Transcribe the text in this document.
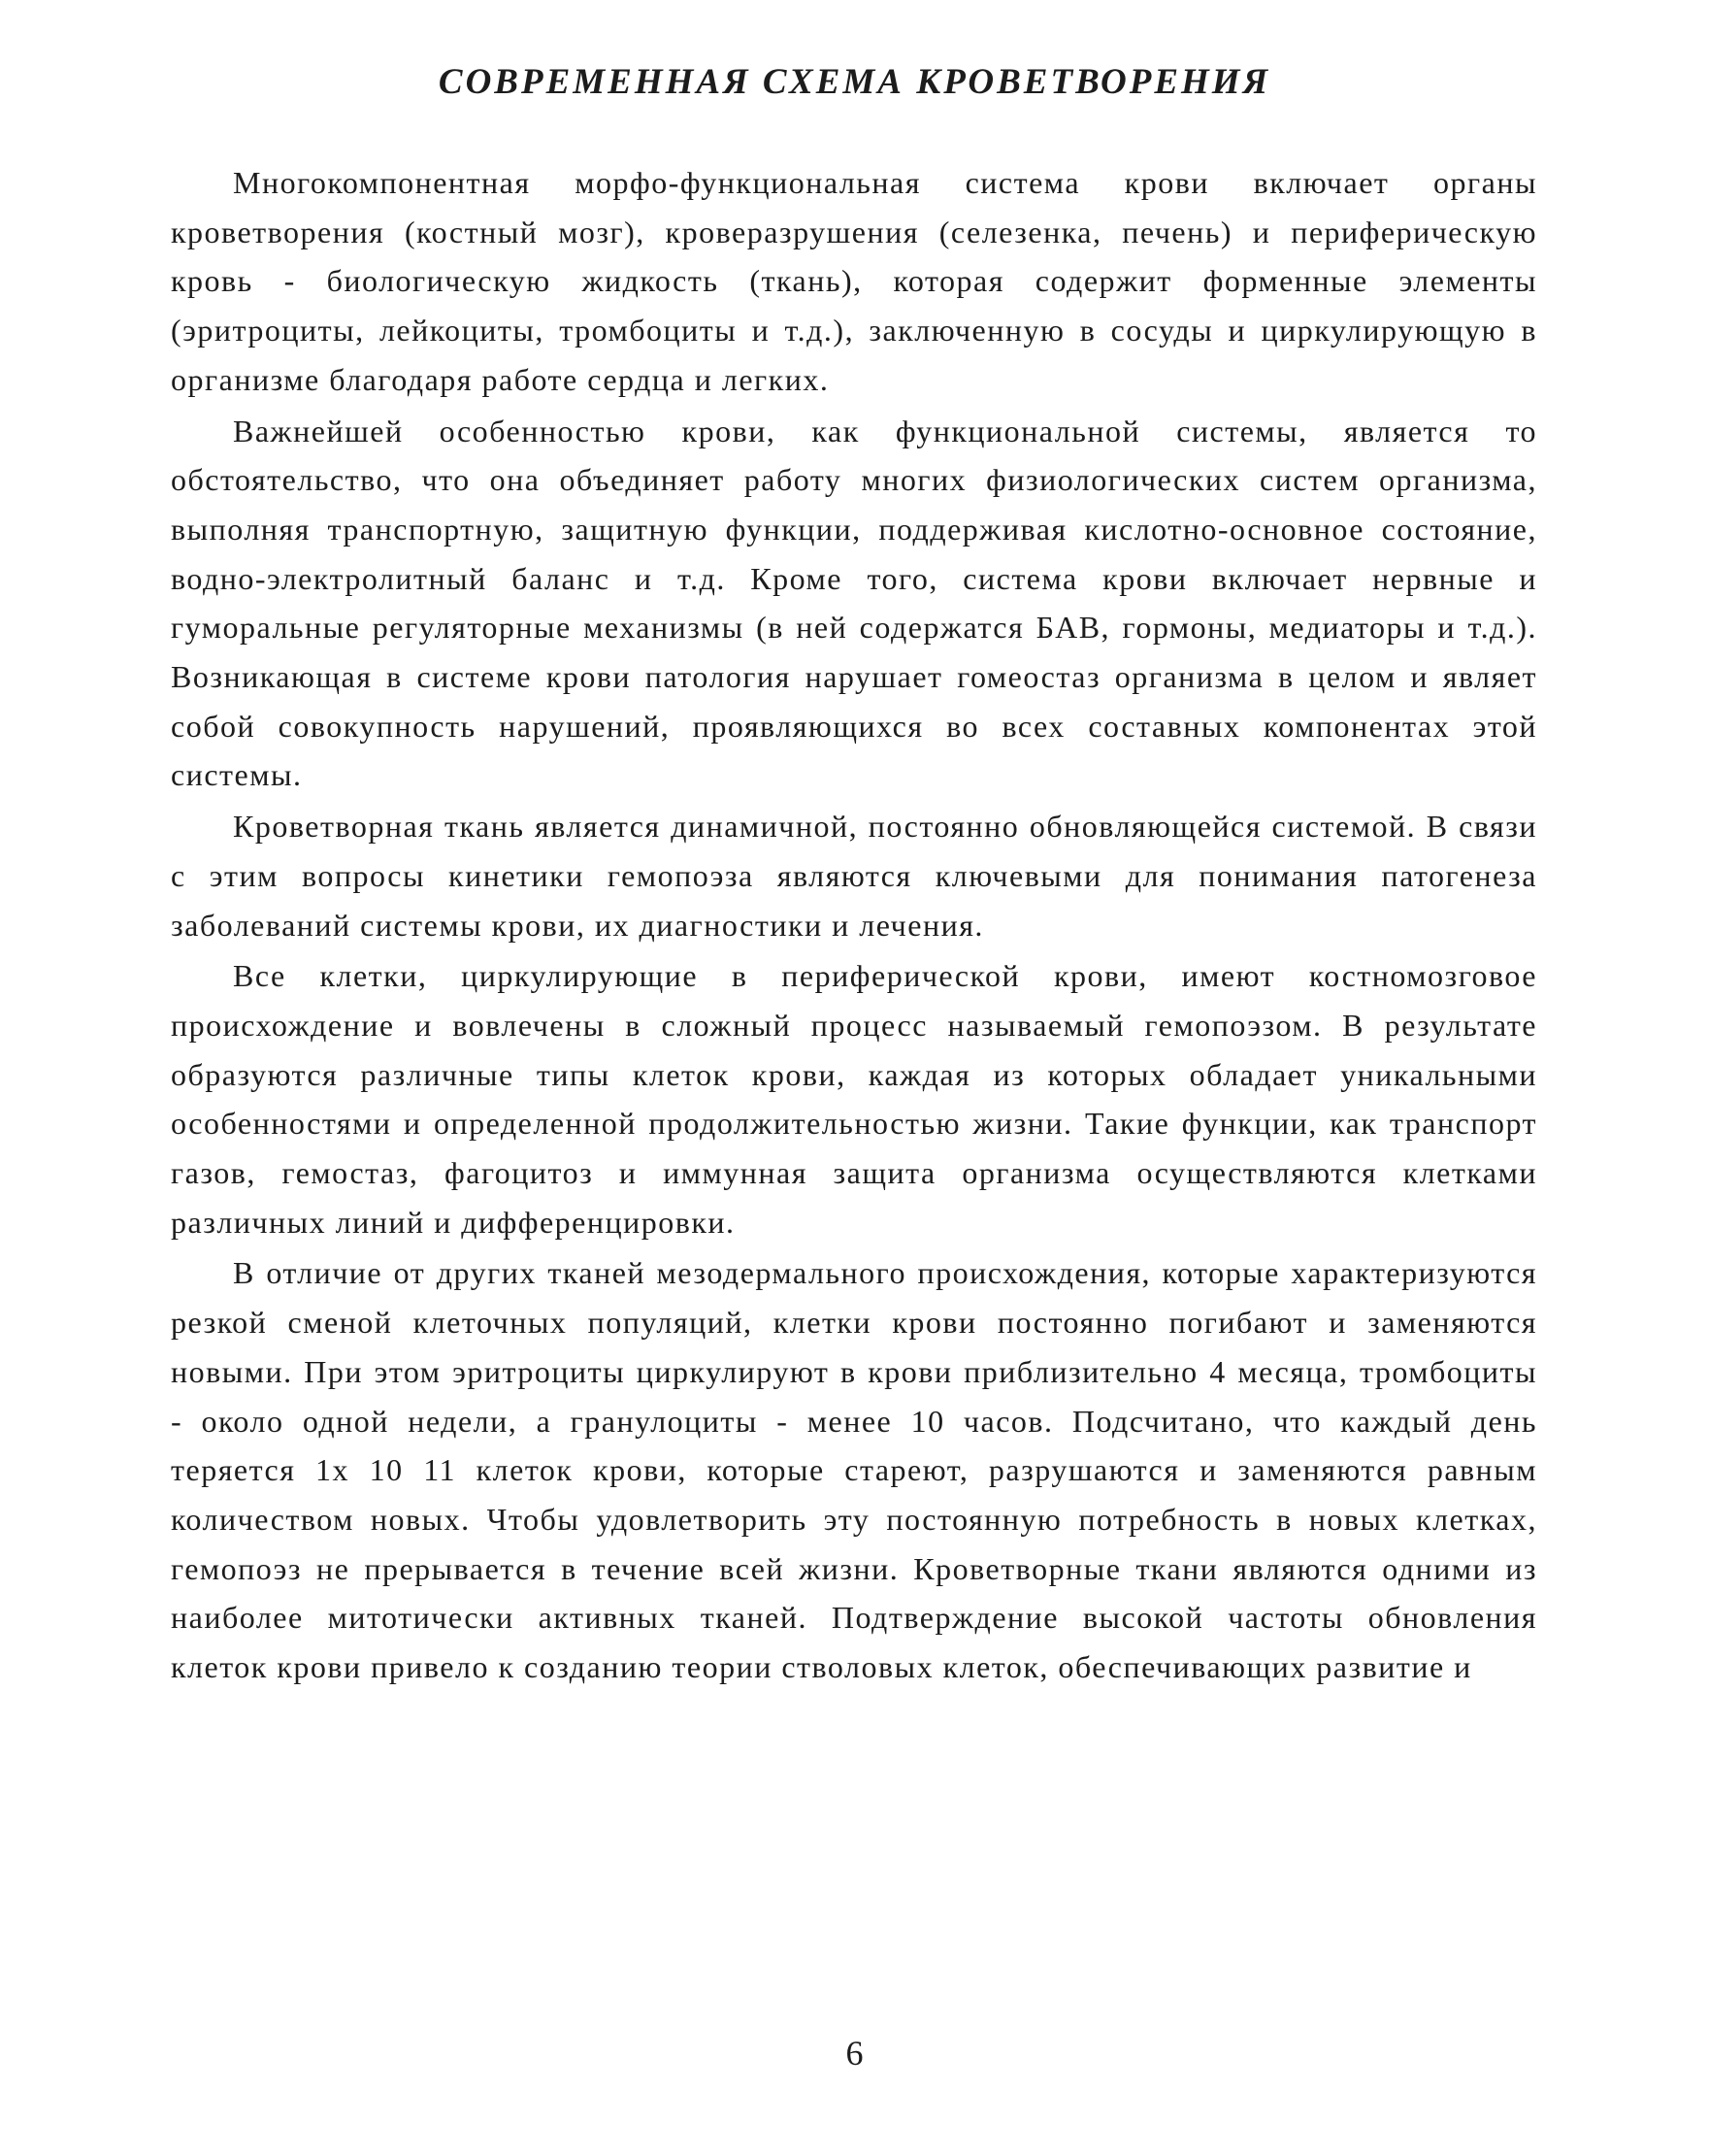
СОВРЕМЕННАЯ СХЕМА КРОВЕТВОРЕНИЯ

Многокомпонентная морфо-функциональная система крови включает органы кроветворения (костный мозг), кроверазрушения (селезенка, печень) и периферическую кровь - биологическую жидкость (ткань), которая содержит форменные элементы (эритроциты, лейкоциты, тромбоциты и т.д.), заключенную в сосуды и циркулирующую в организме благодаря работе сердца и легких.

Важнейшей особенностью крови, как функциональной системы, является то обстоятельство, что она объединяет работу многих физиологических систем организма, выполняя транспортную, защитную функции, поддерживая кислотно-основное состояние, водно-электролитный баланс и т.д. Кроме того, система крови включает нервные и гуморальные регуляторные механизмы (в ней содержатся БАВ, гормоны, медиаторы и т.д.). Возникающая в системе крови патология нарушает гомеостаз организма в целом и являет собой совокупность нарушений, проявляющихся во всех составных компонентах этой системы.

Кроветворная ткань является динамичной, постоянно обновляющейся системой. В связи с этим вопросы кинетики гемопоэза являются ключевыми для понимания патогенеза заболеваний системы крови, их диагностики и лечения.

Все клетки, циркулирующие в периферической крови, имеют костномозговое происхождение и вовлечены в сложный процесс называемый гемопоэзом. В результате образуются различные типы клеток крови, каждая из которых обладает уникальными особенностями и определенной продолжительностью жизни. Такие функции, как транспорт газов, гемостаз, фагоцитоз и иммунная защита организма осуществляются клетками различных линий и дифференцировки.

В отличие от других тканей мезодермального происхождения, которые характеризуются резкой сменой клеточных популяций, клетки крови постоянно погибают и заменяются новыми. При этом эритроциты циркулируют в крови приблизительно 4 месяца, тромбоциты - около одной недели, а гранулоциты - менее 10 часов. Подсчитано, что каждый день теряется 1x 10 11 клеток крови, которые стареют, разрушаются и заменяются равным количеством новых. Чтобы удовлетворить эту постоянную потребность в новых клетках, гемопоэз не прерывается в течение всей жизни. Кроветворные ткани являются одними из наиболее митотически активных тканей. Подтверждение высокой частоты обновления клеток крови привело к созданию теории стволовых клеток, обеспечивающих развитие и

6
